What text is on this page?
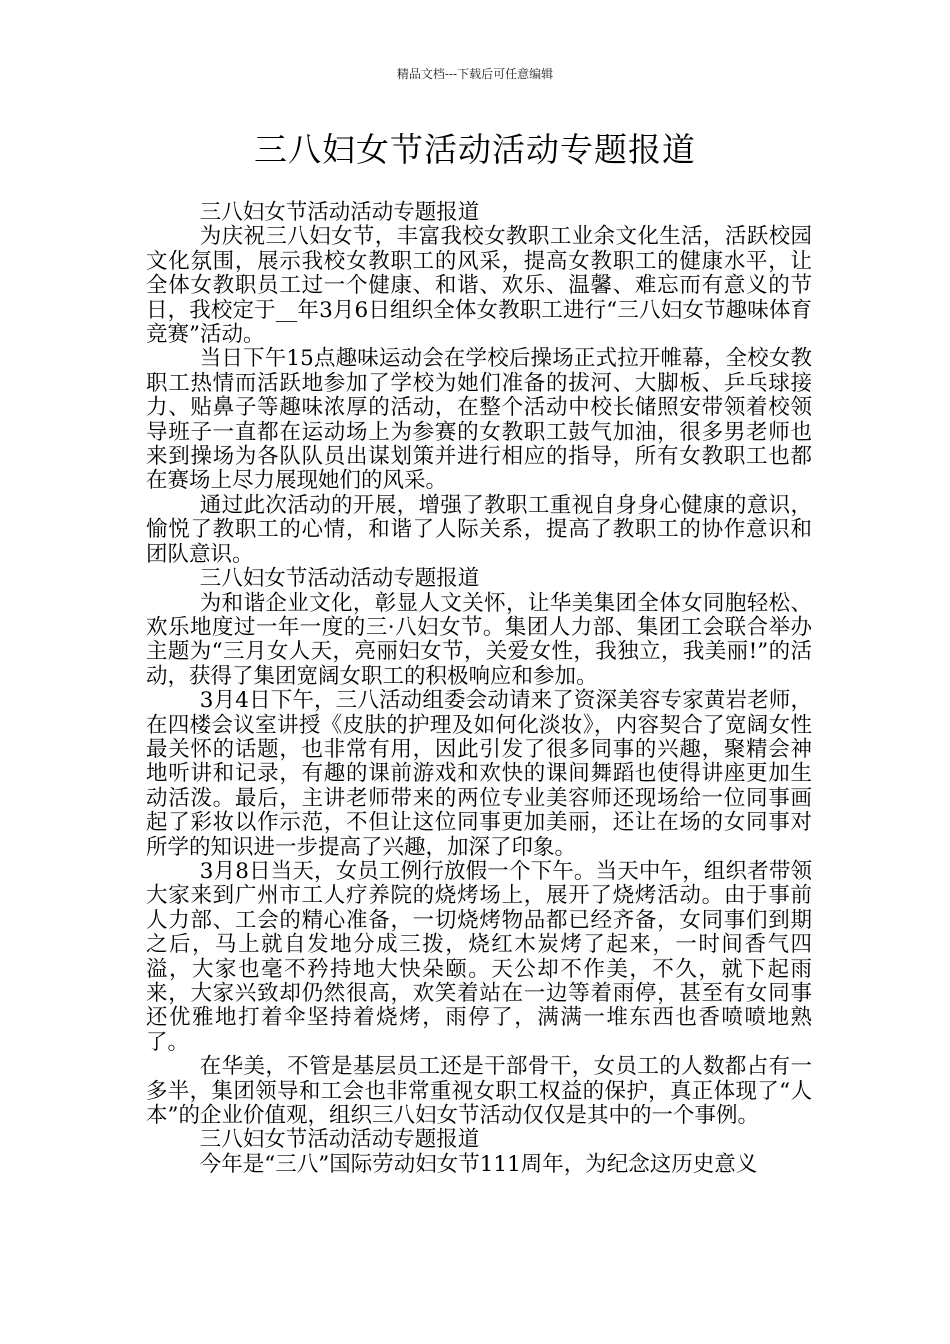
精品文档---下载后可任意编辑
三八妇女节活动活动专题报道

三八妇女节活动活动专题报道

为庆祝三八妇女节，丰富我校女教职工业余文化生活，活跃校园文化氛围，展示我校女教职工的风采，提高女教职工的健康水平，让全体女教职员工过一个健康、和谐、欢乐、温馨、难忘而有意义的节日，我校定于__年3月6日组织全体女教职工进行“三八妇女节趣味体育竞赛”活动。

当日下午15点趣味运动会在学校后操场正式拉开帷幕，全校女教职工热情而活跃地参加了学校为她们准备的拔河、大脚板、乒乓球接力、贴鼻子等趣味浓厚的活动，在整个活动中校长储照安带领着校领导班子一直都在运动场上为参赛的女教职工鼓气加油，很多男老师也来到操场为各队队员出谋划策并进行相应的指导，所有女教职工也都在赛场上尽力展现她们的风采。

通过此次活动的开展，增强了教职工重视自身身心健康的意识，愉悦了教职工的心情，和谐了人际关系，提高了教职工的协作意识和团队意识。

三八妇女节活动活动专题报道

为和谐企业文化，彰显人文关怀，让华美集团全体女同胞轻松、欢乐地度过一年一度的三·八妇女节。集团人力部、集团工会联合举办主题为“三月女人天，亮丽妇女节，关爱女性，我独立，我美丽!”的活动，获得了集团宽阔女职工的积极响应和参加。

3月4日下午，三八活动组委会动请来了资深美容专家黄岩老师，在四楼会议室讲授《皮肤的护理及如何化淡妆》，内容契合了宽阔女性最关怀的话题，也非常有用，因此引发了很多同事的兴趣，聚精会神地听讲和记录，有趣的课前游戏和欢快的课间舞蹈也使得讲座更加生动活泼。最后，主讲老师带来的两位专业美容师还现场给一位同事画起了彩妆以作示范，不但让这位同事更加美丽，还让在场的女同事对所学的知识进一步提高了兴趣，加深了印象。

3月8日当天，女员工例行放假一个下午。当天中午，组织者带领大家来到广州市工人疗养院的烧烤场上，展开了烧烤活动。由于事前人力部、工会的精心准备，一切烧烤物品都已经齐备，女同事们到期之后，马上就自发地分成三拨，烧红木炭烤了起来，一时间香气四溢，大家也毫不矜持地大快朵颐。天公却不作美，不久，就下起雨来，大家兴致却仍然很高，欢笑着站在一边等着雨停，甚至有女同事还优雅地打着伞坚持着烧烤，雨停了，满满一堆东西也香喷喷地熟了。

在华美，不管是基层员工还是干部骨干，女员工的人数都占有一多半，集团领导和工会也非常重视女职工权益的保护，真正体现了“人本”的企业价值观，组织三八妇女节活动仅仅是其中的一个事例。

三八妇女节活动活动专题报道

今年是“三八”国际劳动妇女节111周年，为纪念这历史意义
